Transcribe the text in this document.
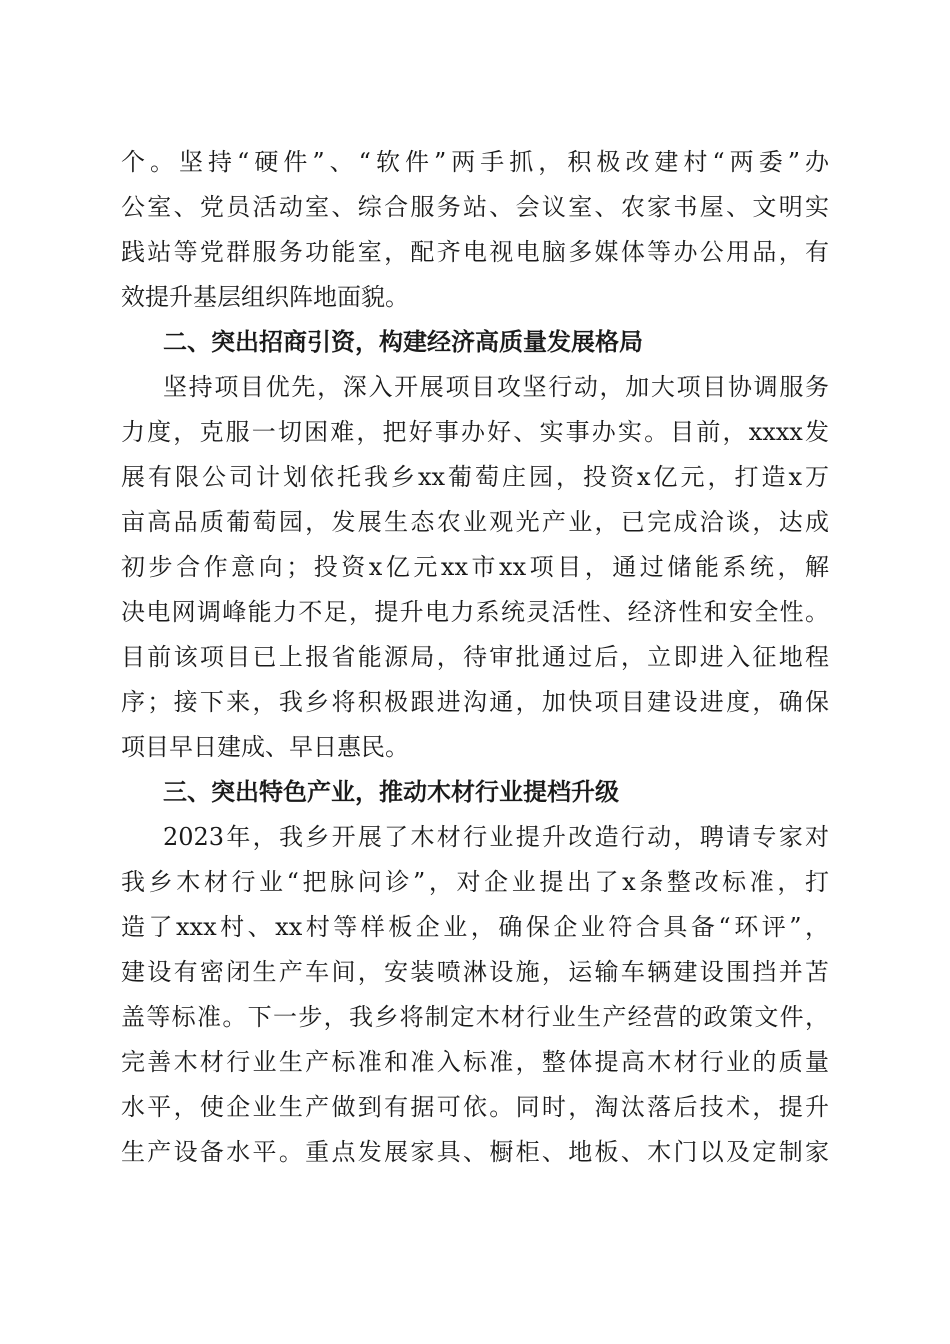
个。坚持“硬件”、“软件”两手抓，积极改建村“两委”办
公室、党员活动室、综合服务站、会议室、农家书屋、文明实
践站等党群服务功能室，配齐电视电脑多媒体等办公用品，有
效提升基层组织阵地面貌。
二、突出招商引资，构建经济高质量发展格局
坚持项目优先，深入开展项目攻坚行动，加大项目协调服务
力度，克服一切困难，把好事办好、实事办实。目前，xxxx发
展有限公司计划依托我乡xx葡萄庄园，投资x亿元，打造x万
亩高品质葡萄园，发展生态农业观光产业，已完成洽谈，达成
初步合作意向；投资x亿元xx市xx项目，通过储能系统，解
决电网调峰能力不足，提升电力系统灵活性、经济性和安全性。
目前该项目已上报省能源局，待审批通过后，立即进入征地程
序；接下来，我乡将积极跟进沟通，加快项目建设进度，确保
项目早日建成、早日惠民。
三、突出特色产业，推动木材行业提档升级
2023年，我乡开展了木材行业提升改造行动，聘请专家对
我乡木材行业“把脉问诊”，对企业提出了x条整改标准，打
造了xxx村、xx村等样板企业，确保企业符合具备“环评”，
建设有密闭生产车间，安装喷淋设施，运输车辆建设围挡并苫
盖等标准。下一步，我乡将制定木材行业生产经营的政策文件，
完善木材行业生产标准和准入标准，整体提高木材行业的质量
水平，使企业生产做到有据可依。同时，淘汰落后技术，提升
生产设备水平。重点发展家具、橱柜、地板、木门以及定制家
